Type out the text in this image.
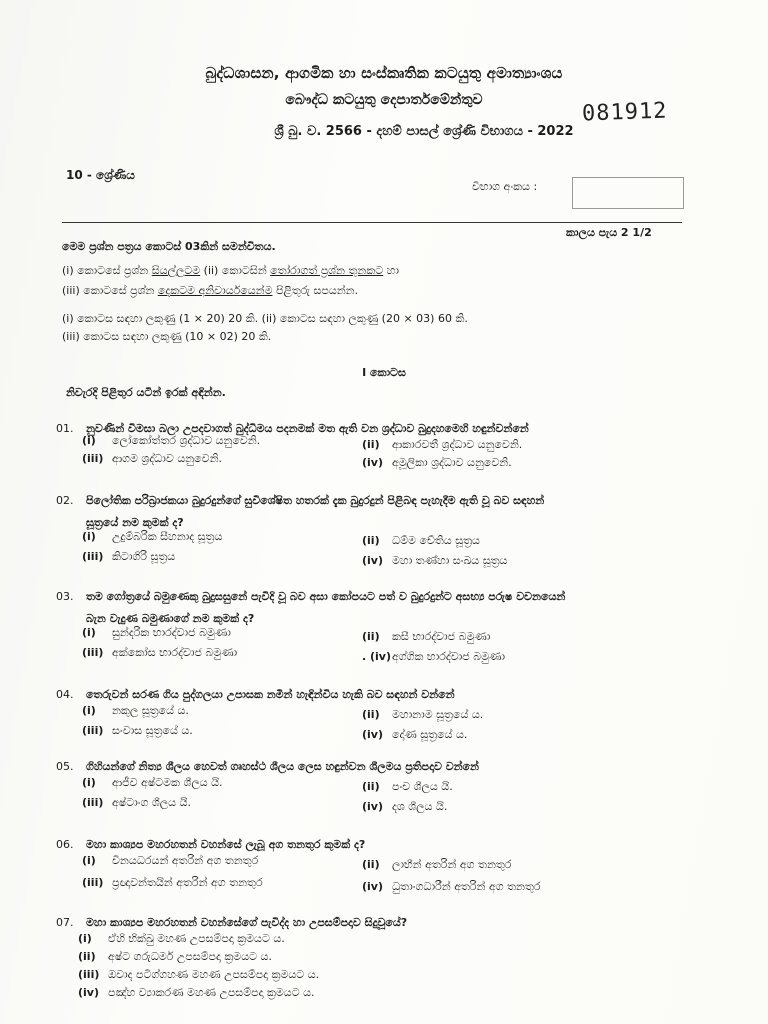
බුද්ධශාසන, ආගමික හා සංස්කෘතික කටයුතු අමාත්‍යාංශය
බෞද්ධ කටයුතු දෙපාර්තමේන්තුව	081912
ශ්‍රී බු. ව. 2566 - දහම් පාසල් ශ්‍රේණි විභාගය - 2022
10 - ශ්‍රේණිය
විභාග අංකය :
කාලය පැය 2 1/2
මෙම ප්‍රශ්න පත්‍රය කොටස් 03කින් සමන්විතය.
(i) කොටසේ ප්‍රශ්න සියල්ලටම (ii) කොටසින් තෝරාගත් ප්‍රශ්න තුනකට හා
(iii) කොටසේ ප්‍රශ්න දෙකටම අනිවාර්යයෙන්ම පිළිතුරු සපයන්න.
(i) කොටස සඳහා ලකුණු (1 × 20) 20 කි. (ii) කොටස සඳහා ලකුණු (20 × 03) 60 කි.
(iii) කොටස සඳහා ලකුණු (10 × 02) 20 කි.
I කොටස
නිවැරදි පිළිතුර යටින් ඉරක් අඳින්න.
01. නුවණින් විමසා බලා උපදවාගත් බුද්ධිමය පදනමක් මත ඇති වන ශ්‍රද්ධාව බුදුදහමෙහි හඳුන්වන්නේ
(i) ලෝකෝත්තර ශ්‍රද්ධාව යනුවෙනි.	(ii) ආකාරවතී ශ්‍රද්ධාව යනුවෙනි.
(iii) ආගම ශ්‍රද්ධාව යනුවෙනි.	(iv) අමූලිකා ශ්‍රද්ධාව යනුවෙනි.
02. පිලෝතික පරිබ්‍රාජකයා බුදුරදුන්ගේ සුවිශේෂිත හතරක් දැක බුදුරදුන් පිළිබඳ පැහැදීම ඇති වූ බව සඳහන්
සූත්‍රයේ නම කුමක් ද?
(i) උදුම්බරික සීහනාද සූත්‍රය	(ii) ධම්ම චේතිය සූත්‍රය
(iii) කිටාගිරි සූත්‍රය	(iv) මහා තණ්හා සංඛය සූත්‍රය
03. තම ගෝත්‍රයේ බමුණෙකු බුදුසසුනේ පැවිදි වූ බව අසා කෝපයට පත් ව බුදුරදුන්ට අසභ්‍ය පරුෂ වචනයෙන්
බැන වැදුණ බමුණාගේ නම කුමක් ද?
(i) සුන්දරික භාරද්වාජ බමුණා	(ii) කසී භාරද්වාජ බමුණා
(iii) අක්කෝස භාරද්වාජ බමුණා	. (iv)අග්ගික භාරද්වාජ බමුණා
04. තෙරුවන් සරණ ගිය පුද්ගලයා උපාසක නමින් හැඳින්විය හැකි බව සඳහන් වන්නේ
(i) නකුල සූත්‍රයේ ය.	(ii) මහානාම සූත්‍රයේ ය.
(iii) සංවාස සූත්‍රයේ ය.	(iv) දෝණ සූත්‍රයේ ය.
05. ගිහියන්ගේ නිත්‍ය ශීලය හෙවත් ගෘහස්ථ ශීලය ලෙස හඳුන්වන ශීලමය ප්‍රතිපදාව වන්නේ
(i) ආජීව අෂ්ටමක ශීලය යි.	(ii) පංච ශීලය යි.
(iii) අෂ්ටාංග ශීලය යි.	(iv) දශ ශීලය යි.
06. මහා කාශ්‍යප මහරහතන් වහන්සේ ලැබූ අග තනතුර කුමක් ද?
(i) විනයධරයන් අතරින් අග තනතුර	(ii) ලාභීන් අතරින් අග තනතුර
(iii) ප්‍රඥාවන්තයින් අතරින් අග තනතුර	(iv) ධුතාංගධාරීන් අතරින් අග තනතුර
07. මහා කාශ්‍යප මහරහතන් වහන්සේගේ පැවිද්ද හා උපසම්පදාව සිදුවූයේ?
(i) ඒහි භික්ඛු මහණ උපසම්පදා ක්‍රමයට ය.
(ii) අෂ්ට ගරුධර්ම උපසම්පදා ක්‍රමයට ය.
(iii) ඔවාද පටිග්ගහණ මහණ උපසම්පදා ක්‍රමයට ය.
(iv) පඤ්හ ව්‍යාකරණ මහණ උපසම්පදා ක්‍රමයට ය.
